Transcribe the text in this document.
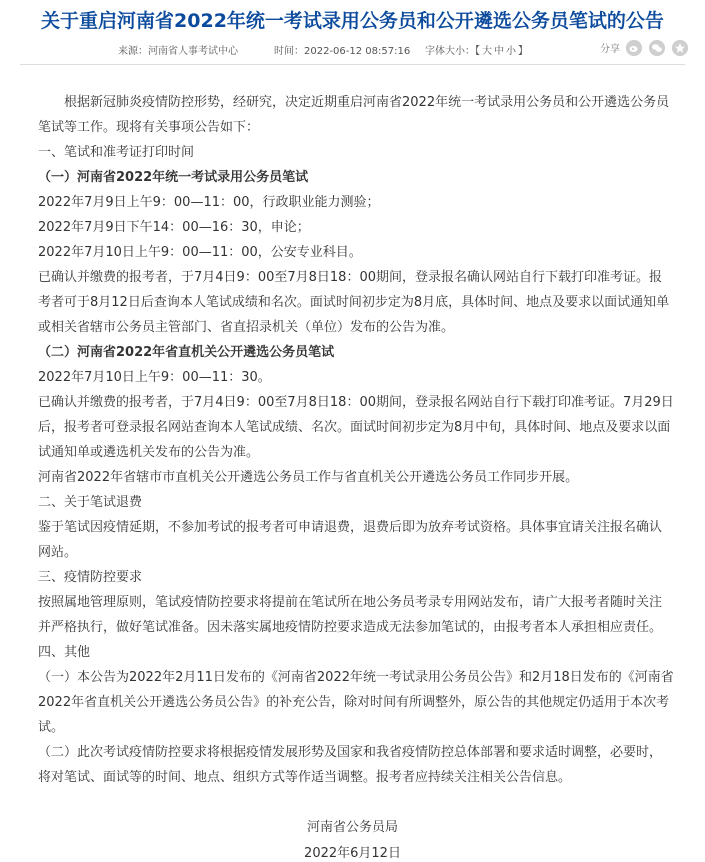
关于重启河南省2022年统一考试录用公务员和公开遴选公务员笔试的公告
来源：河南省人事考试中心	时间：2022-06-12 08:57:16 字体大小：【 大 中 小 】	分享
根据新冠肺炎疫情防控形势，经研究，决定近期重启河南省2022年统一考试录用公务员和公开遴选公务员笔试等工作。现将有关事项公告如下：
一、笔试和准考证打印时间
（一）河南省2022年统一考试录用公务员笔试
2022年7月9日上午9：00—11：00，行政职业能力测验；
2022年7月9日下午14：00—16：30，申论；
2022年7月10日上午9：00—11：00，公安专业科目。
已确认并缴费的报考者，于7月4日9：00至7月8日18：00期间，登录报名确认网站自行下载打印准考证。报考者可于8月12日后查询本人笔试成绩和名次。面试时间初步定为8月底，具体时间、地点及要求以面试通知单或相关省辖市公务员主管部门、省直招录机关（单位）发布的公告为准。
（二）河南省2022年省直机关公开遴选公务员笔试
2022年7月10日上午9：00—11：30。
已确认并缴费的报考者，于7月4日9：00至7月8日18：00期间，登录报名网站自行下载打印准考证。7月29日后，报考者可登录报名网站查询本人笔试成绩、名次。面试时间初步定为8月中旬，具体时间、地点及要求以面试通知单或遴选机关发布的公告为准。
河南省2022年省辖市市直机关公开遴选公务员工作与省直机关公开遴选公务员工作同步开展。
二、关于笔试退费
鉴于笔试因疫情延期，不参加考试的报考者可申请退费，退费后即为放弃考试资格。具体事宜请关注报名确认网站。
三、疫情防控要求
按照属地管理原则，笔试疫情防控要求将提前在笔试所在地公务员考录专用网站发布，请广大报考者随时关注并严格执行，做好笔试准备。因未落实属地疫情防控要求造成无法参加笔试的，由报考者本人承担相应责任。
四、其他
（一）本公告为2022年2月11日发布的《河南省2022年统一考试录用公务员公告》和2月18日发布的《河南省2022年省直机关公开遴选公务员公告》的补充公告，除对时间有所调整外，原公告的其他规定仍适用于本次考试。
（二）此次考试疫情防控要求将根据疫情发展形势及国家和我省疫情防控总体部署和要求适时调整，必要时，将对笔试、面试等的时间、地点、组织方式等作适当调整。报考者应持续关注相关公告信息。
河南省公务员局
2022年6月12日
